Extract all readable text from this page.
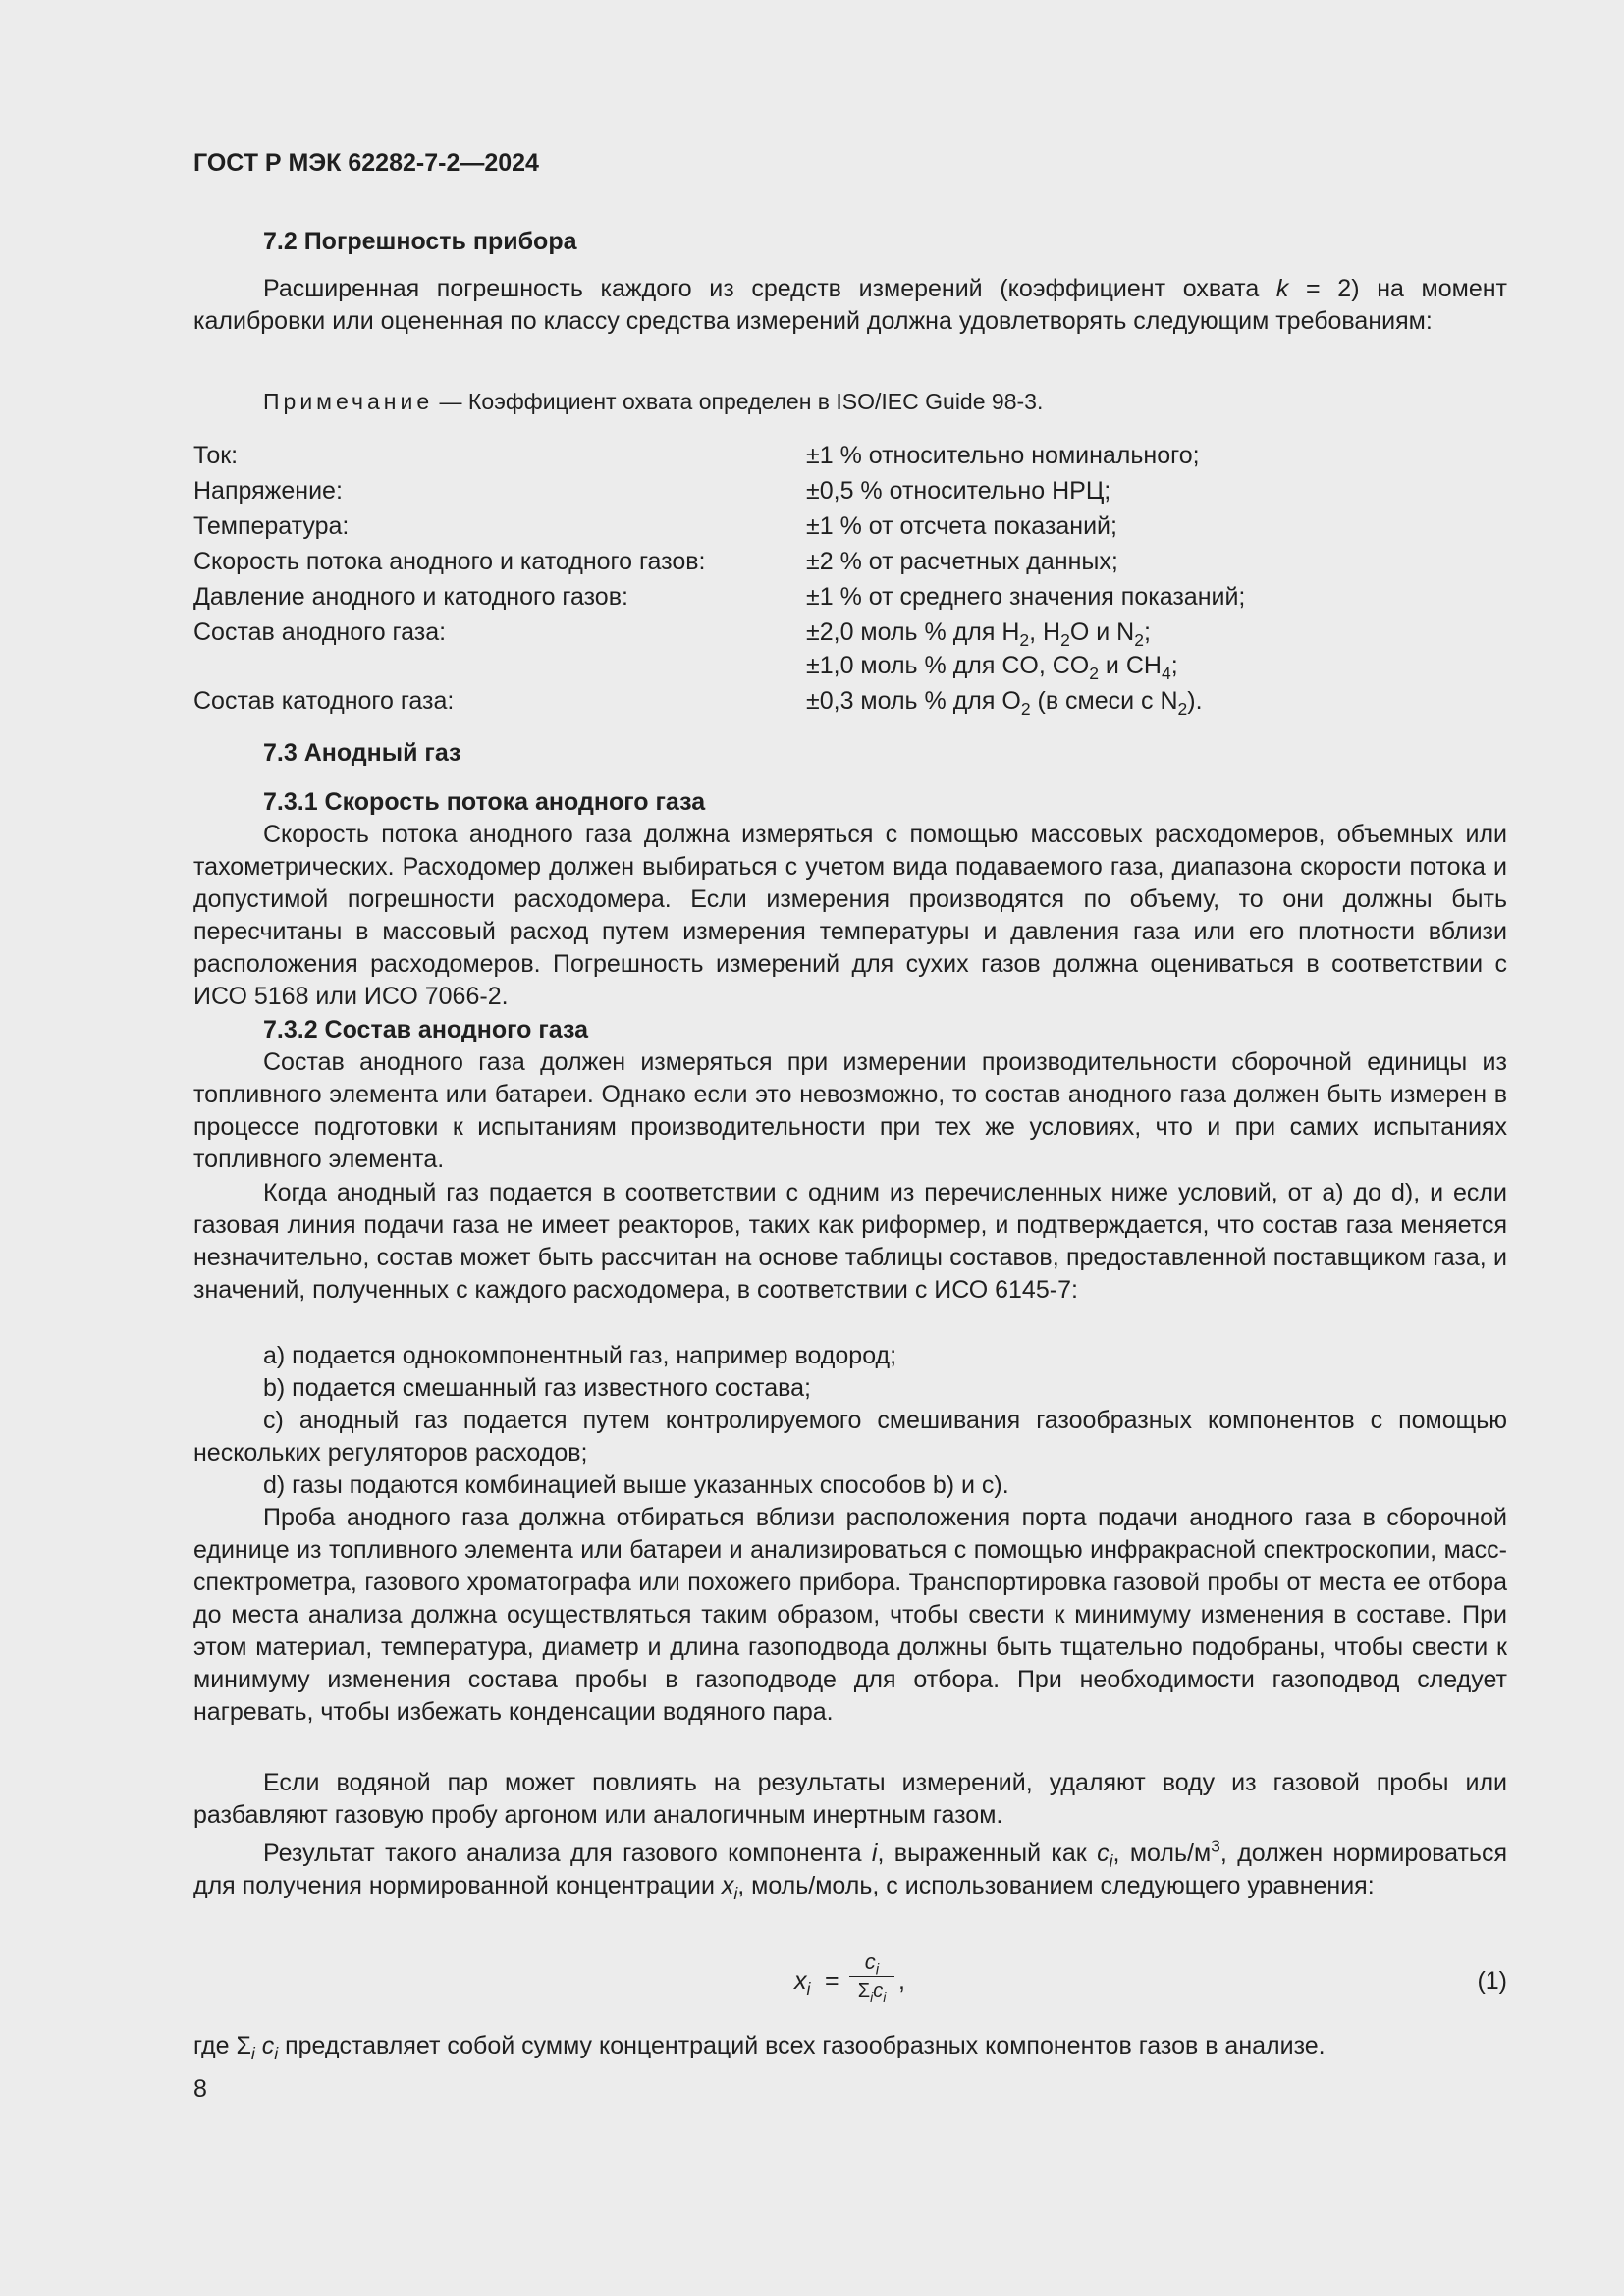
ГОСТ Р МЭК 62282-7-2—2024
7.2 Погрешность прибора
Расширенная погрешность каждого из средств измерений (коэффициент охвата k = 2) на момент калибровки или оцененная по классу средства измерений должна удовлетворять следующим требованиям:
Примечание — Коэффициент охвата определен в ISO/IEC Guide 98-3.
Ток:	±1 % относительно номинального;
Напряжение:	±0,5 % относительно НРЦ;
Температура:	±1 % от отсчета показаний;
Скорость потока анодного и катодного газов:	±2 % от расчетных данных;
Давление анодного и катодного газов:	±1 % от среднего значения показаний;
Состав анодного газа:	±2,0 моль % для $H_2$, $H_2O$ и $N_2$;
±1,0 моль % для CO, $CO_2$ и $CH_4$;
Состав катодного газа:	±0,3 моль % для $O_2$ (в смеси с $N_2$).
7.3 Анодный газ
7.3.1 Скорость потока анодного газа
Скорость потока анодного газа должна измеряться с помощью массовых расходомеров, объемных или тахометрических. Расходомер должен выбираться с учетом вида подаваемого газа, диапазона скорости потока и допустимой погрешности расходомера. Если измерения производятся по объему, то они должны быть пересчитаны в массовый расход путем измерения температуры и давления газа или его плотности вблизи расположения расходомеров. Погрешность измерений для сухих газов должна оцениваться в соответствии с ИСО 5168 или ИСО 7066-2.
7.3.2 Состав анодного газа
Состав анодного газа должен измеряться при измерении производительности сборочной единицы из топливного элемента или батареи. Однако если это невозможно, то состав анодного газа должен быть измерен в процессе подготовки к испытаниям производительности при тех же условиях, что и при самих испытаниях топливного элемента.
Когда анодный газ подается в соответствии с одним из перечисленных ниже условий, от a) до d), и если газовая линия подачи газа не имеет реакторов, таких как риформер, и подтверждается, что состав газа меняется незначительно, состав может быть рассчитан на основе таблицы составов, предоставленной поставщиком газа, и значений, полученных с каждого расходомера, в соответствии с ИСО 6145-7:
a) подается однокомпонентный газ, например водород;
b) подается смешанный газ известного состава;
c) анодный газ подается путем контролируемого смешивания газообразных компонентов с помощью нескольких регуляторов расходов;
d) газы подаются комбинацией выше указанных способов b) и c).
Проба анодного газа должна отбираться вблизи расположения порта подачи анодного газа в сборочной единице из топливного элемента или батареи и анализироваться с помощью инфракрасной спектроскопии, масс-спектрометра, газового хроматографа или похожего прибора. Транспортировка газовой пробы от места ее отбора до места анализа должна осуществляться таким образом, чтобы свести к минимуму изменения в составе. При этом материал, температура, диаметр и длина газоподвода должны быть тщательно подобраны, чтобы свести к минимуму изменения состава пробы в газоподводе для отбора. При необходимости газоподвод следует нагревать, чтобы избежать конденсации водяного пара.
Если водяной пар может повлиять на результаты измерений, удаляют воду из газовой пробы или разбавляют газовую пробу аргоном или аналогичным инертным газом.
Результат такого анализа для газового компонента i, выраженный как $c_i$, моль/$м^3$, должен нормироваться для получения нормированной концентрации $x_i$, моль/моль, с использованием следующего уравнения:
$x_i$ =
$c_i$
$\Sigma_ic_i$
,	(1)
где $\Sigma_i$ $c_i$ представляет собой сумму концентраций всех газообразных компонентов газов в анализе.
8
